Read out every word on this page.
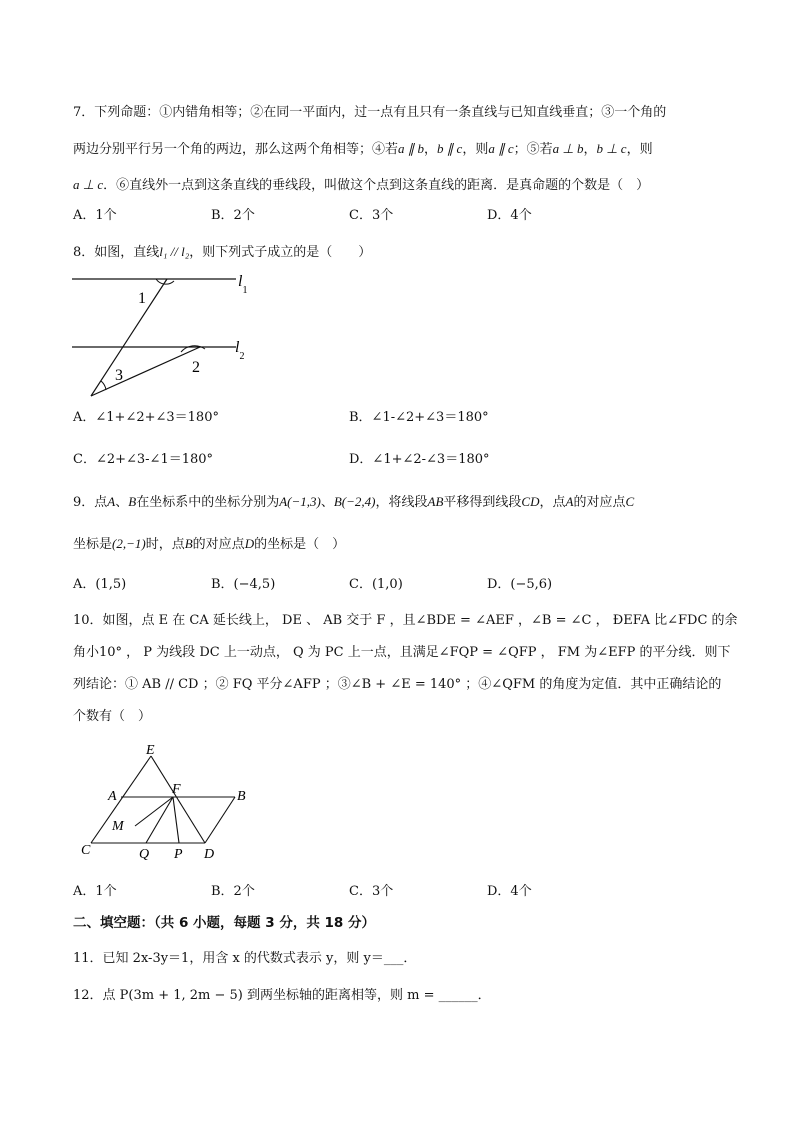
7．下列命题：①内错角相等；②在同一平面内，过一点有且只有一条直线与已知直线垂直；③一个角的
两边分别平行另一个角的两边，那么这两个角相等；④若a ∥ b，b ∥ c，则a ∥ c；⑤若a ⊥ b，b ⊥ c，则
a ⊥ c．⑥直线外一点到这条直线的垂线段，叫做这个点到这条直线的距离．是真命题的个数是（　）
A．1个	B．2个	C．3个	D．4个
8．如图，直线l₁ // l₂，则下列式子成立的是（　　）
1
2
3
$l_1$
$l_2$
A．∠1+∠2+∠3＝180°	B．∠1-∠2+∠3＝180°
C．∠2+∠3-∠1＝180°	D．∠1+∠2-∠3＝180°
9．点A、B在坐标系中的坐标分别为A(−1,3)、B(−2,4)，将线段AB平移得到线段CD，点A的对应点C
坐标是(2,−1)时，点B的对应点D的坐标是（　）
A．(1,5)	B．(−4,5)	C．(1,0)	D．(−5,6)
10．如图，点 E 在 CA 延长线上， DE 、 AB 交于 F ，且∠BDE = ∠AEF ，∠B = ∠C ， ÐEFA 比∠FDC 的余
角小10° ， P 为线段 DC 上一动点， Q 为 PC 上一点，且满足∠FQP = ∠QFP ， FM 为∠EFP 的平分线．则下
列结论：① AB // CD ；② FQ 平分∠AFP ；③∠B + ∠E = 140° ；④∠QFM 的角度为定值．其中正确结论的
个数有（　）
E
A	F	B
M
C	Q P D
A．1个	B．2个	C．3个	D．4个
二、填空题：（共 6 小题，每题 3 分，共 18 分）
11．已知 2x-3y＝1，用含 x 的代数式表示 y，则 y＝___．
12．点 P(3m + 1, 2m − 5) 到两坐标轴的距离相等，则 m = ______．
